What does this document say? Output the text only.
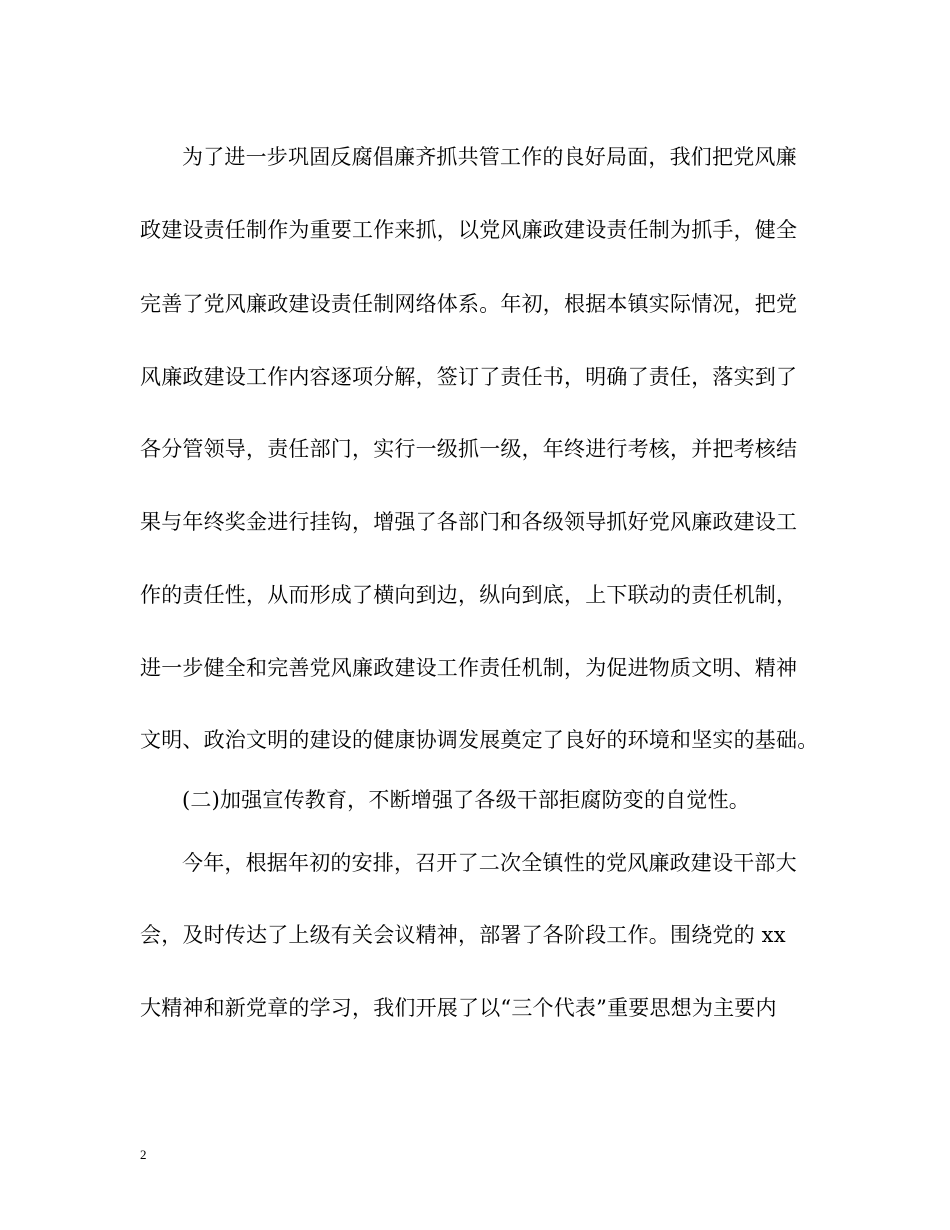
为了进一步巩固反腐倡廉齐抓共管工作的良好局面，我们把党风廉
政建设责任制作为重要工作来抓，以党风廉政建设责任制为抓手，健全
完善了党风廉政建设责任制网络体系。年初，根据本镇实际情况，把党
风廉政建设工作内容逐项分解，签订了责任书，明确了责任，落实到了
各分管领导，责任部门，实行一级抓一级，年终进行考核，并把考核结
果与年终奖金进行挂钩，增强了各部门和各级领导抓好党风廉政建设工
作的责任性，从而形成了横向到边，纵向到底，上下联动的责任机制，
进一步健全和完善党风廉政建设工作责任机制，为促进物质文明、精神
文明、政治文明的建设的健康协调发展奠定了良好的环境和坚实的基础。
(二)加强宣传教育，不断增强了各级干部拒腐防变的自觉性。
今年，根据年初的安排，召开了二次全镇性的党风廉政建设干部大
会，及时传达了上级有关会议精神，部署了各阶段工作。围绕党的 xx
大精神和新党章的学习，我们开展了以“三个代表”重要思想为主要内
2
